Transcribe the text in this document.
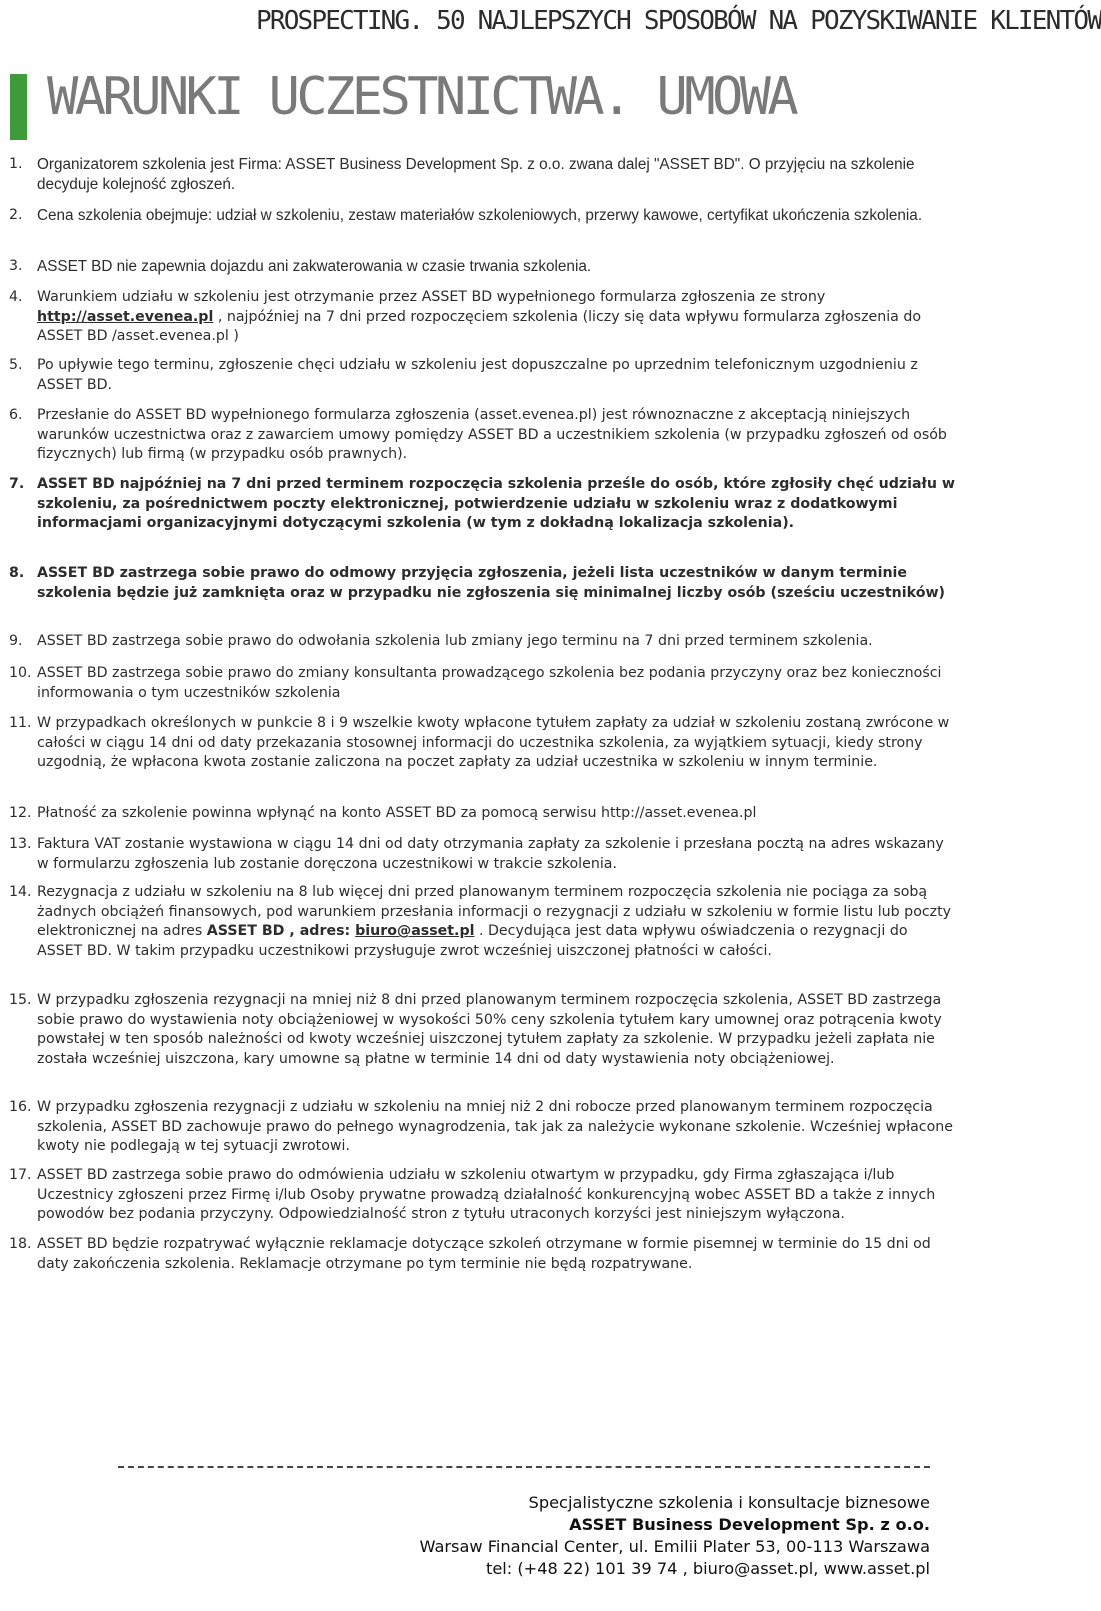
PROSPECTING. 50 NAJLEPSZYCH SPOSOBÓW NA POZYSKIWANIE KLIENTÓW
WARUNKI UCZESTNICTWA. UMOWA
1. Organizatorem szkolenia jest Firma: ASSET Business Development Sp. z o.o. zwana dalej "ASSET BD". O przyjęciu na szkolenie decyduje kolejność zgłoszeń.
2. Cena szkolenia obejmuje: udział w szkoleniu, zestaw materiałów szkoleniowych, przerwy kawowe, certyfikat ukończenia szkolenia.
3. ASSET BD nie zapewnia dojazdu ani zakwaterowania w czasie trwania szkolenia.
4. Warunkiem udziału w szkoleniu jest otrzymanie przez ASSET BD wypełnionego formularza zgłoszenia ze strony http://asset.evenea.pl , najpóźniej na 7 dni przed rozpoczęciem szkolenia (liczy się data wpływu formularza zgłoszenia do ASSET BD /asset.evenea.pl )
5. Po upływie tego terminu, zgłoszenie chęci udziału w szkoleniu jest dopuszczalne po uprzednim telefonicznym uzgodnieniu z ASSET BD.
6. Przesłanie do ASSET BD wypełnionego formularza zgłoszenia (asset.evenea.pl) jest równoznaczne z akceptacją niniejszych warunków uczestnictwa oraz z zawarciem umowy pomiędzy ASSET BD a uczestnikiem szkolenia (w przypadku zgłoszeń od osób fizycznych) lub firmą (w przypadku osób prawnych).
7. ASSET BD najpóźniej na 7 dni przed terminem rozpoczęcia szkolenia prześle do osób, które zgłosiły chęć udziału w szkoleniu, za pośrednictwem poczty elektronicznej, potwierdzenie udziału w szkoleniu wraz z dodatkowymi informacjami organizacyjnymi dotyczącymi szkolenia (w tym z dokładną lokalizacja szkolenia).
8. ASSET BD zastrzega sobie prawo do odmowy przyjęcia zgłoszenia, jeżeli lista uczestników w danym terminie szkolenia będzie już zamknięta oraz w przypadku nie zgłoszenia się minimalnej liczby osób (sześciu uczestników)
9. ASSET BD zastrzega sobie prawo do odwołania szkolenia lub zmiany jego terminu na 7 dni przed terminem szkolenia.
10. ASSET BD zastrzega sobie prawo do zmiany konsultanta prowadzącego szkolenia bez podania przyczyny oraz bez konieczności informowania o tym uczestników szkolenia
11. W przypadkach określonych w punkcie 8 i 9 wszelkie kwoty wpłacone tytułem zapłaty za udział w szkoleniu zostaną zwrócone w całości w ciągu 14 dni od daty przekazania stosownej informacji do uczestnika szkolenia, za wyjątkiem sytuacji, kiedy strony uzgodnią, że wpłacona kwota zostanie zaliczona na poczet zapłaty za udział uczestnika w szkoleniu w innym terminie.
12. Płatność za szkolenie powinna wpłynąć na konto ASSET BD za pomocą serwisu http://asset.evenea.pl
13. Faktura VAT zostanie wystawiona w ciągu 14 dni od daty otrzymania zapłaty za szkolenie i przesłana pocztą na adres wskazany w formularzu zgłoszenia lub zostanie doręczona uczestnikowi w trakcie szkolenia.
14. Rezygnacja z udziału w szkoleniu na 8 lub więcej dni przed planowanym terminem rozpoczęcia szkolenia nie pociąga za sobą żadnych obciążeń finansowych, pod warunkiem przesłania informacji o rezygnacji z udziału w szkoleniu w formie listu lub poczty elektronicznej na adres ASSET BD , adres: biuro@asset.pl . Decydująca jest data wpływu oświadczenia o rezygnacji do ASSET BD. W takim przypadku uczestnikowi przysługuje zwrot wcześniej uiszczonej płatności w całości.
15. W przypadku zgłoszenia rezygnacji na mniej niż 8 dni przed planowanym terminem rozpoczęcia szkolenia, ASSET BD zastrzega sobie prawo do wystawienia noty obciążeniowej w wysokości 50% ceny szkolenia tytułem kary umownej oraz potrącenia kwoty powstałej w ten sposób należności od kwoty wcześniej uiszczonej tytułem zapłaty za szkolenie. W przypadku jeżeli zapłata nie została wcześniej uiszczona, kary umowne są płatne w terminie 14 dni od daty wystawienia noty obciążeniowej.
16. W przypadku zgłoszenia rezygnacji z udziału w szkoleniu na mniej niż 2 dni robocze przed planowanym terminem rozpoczęcia szkolenia, ASSET BD zachowuje prawo do pełnego wynagrodzenia, tak jak za należycie wykonane szkolenie. Wcześniej wpłacone kwoty nie podlegają w tej sytuacji zwrotowi.
17. ASSET BD zastrzega sobie prawo do odmówienia udziału w szkoleniu otwartym w przypadku, gdy Firma zgłaszająca i/lub Uczestnicy zgłoszeni przez Firmę i/lub Osoby prywatne prowadzą działalność konkurencyjną wobec ASSET BD a także z innych powodów bez podania przyczyny. Odpowiedzialność stron z tytułu utraconych korzyści jest niniejszym wyłączona.
18. ASSET BD będzie rozpatrywać wyłącznie reklamacje dotyczące szkoleń otrzymane w formie pisemnej w terminie do 15 dni od daty zakończenia szkolenia. Reklamacje otrzymane po tym terminie nie będą rozpatrywane.
Specjalistyczne szkolenia i konsultacje biznesowe
ASSET Business Development Sp. z o.o.
Warsaw Financial Center, ul. Emilii Plater 53, 00-113 Warszawa
tel: (+48 22) 101 39 74 , biuro@asset.pl, www.asset.pl
